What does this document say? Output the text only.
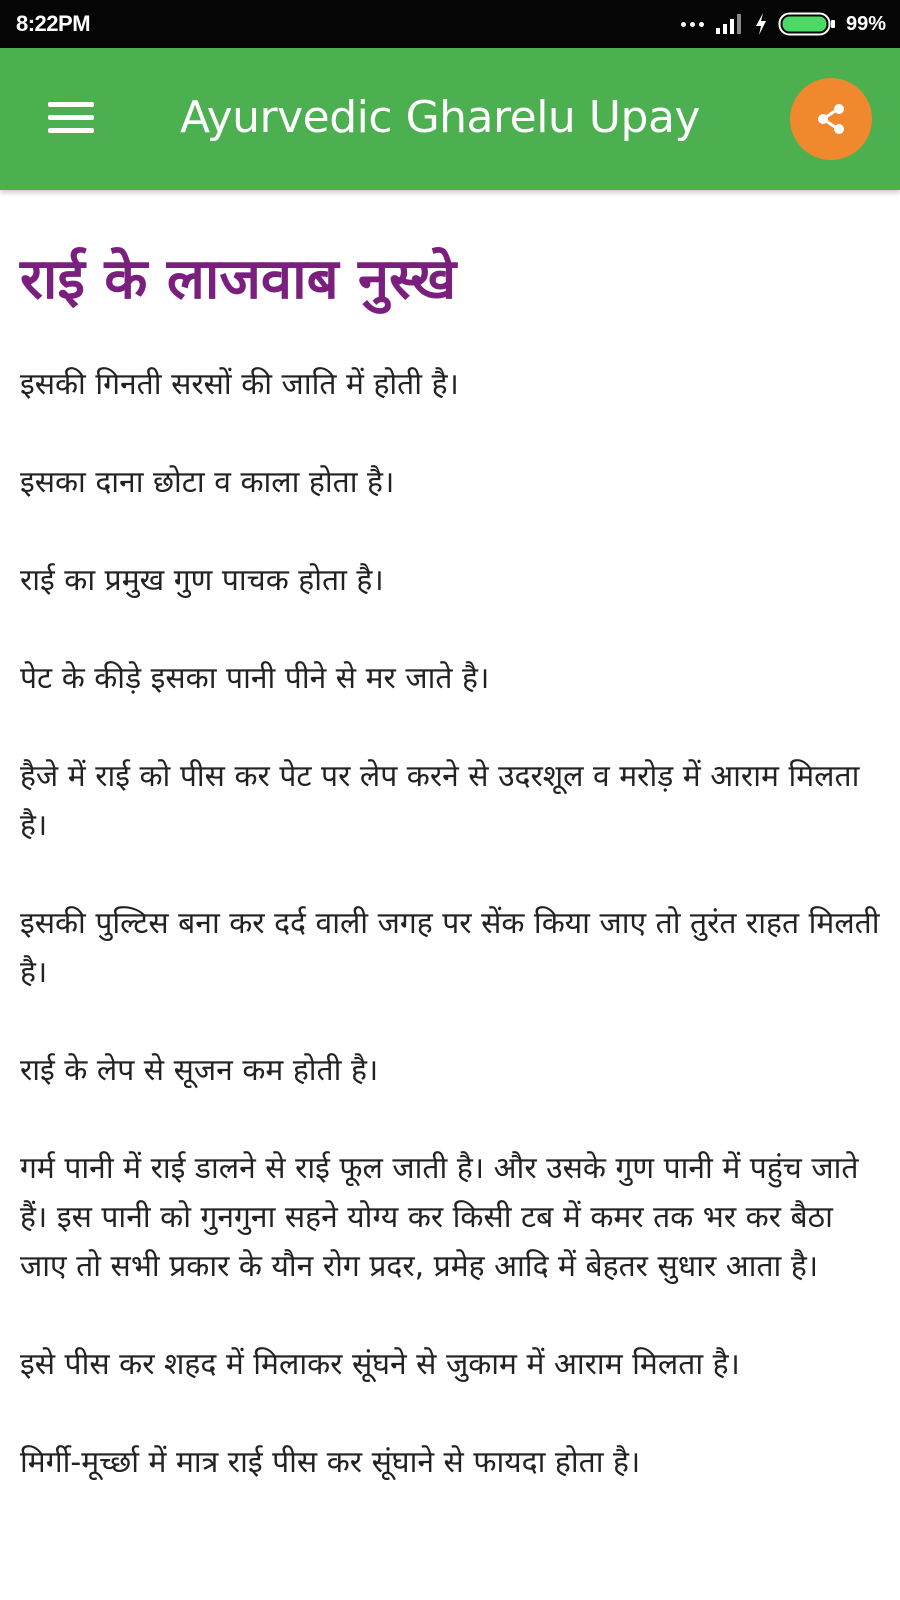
8:22PM	99%
Ayurvedic Gharelu Upay
राई के लाजवाब नुस्खे
इसकी गिनती सरसों की जाति में होती है।
इसका दाना छोटा व काला होता है।
राई का प्रमुख गुण पाचक होता है।
पेट के कीड़े इसका पानी पीने से मर जाते है।
हैजे में राई को पीस कर पेट पर लेप करने से उदरशूल व मरोड़ में आराम मिलता है।
इसकी पुल्टिस बना कर दर्द वाली जगह पर सेंक किया जाए तो तुरंत राहत मिलती है।
राई के लेप से सूजन कम होती है।
गर्म पानी में राई डालने से राई फूल जाती है। और उसके गुण पानी में पहुंच जाते हैं। इस पानी को गुनगुना सहने योग्य कर किसी टब में कमर तक भर कर बैठा जाए तो सभी प्रकार के यौन रोग प्रदर, प्रमेह आदि में बेहतर सुधार आता है।
इसे पीस कर शहद में मिलाकर सूंघने से जुकाम में आराम मिलता है।
मिर्गी-मूर्च्छा में मात्र राई पीस कर सूंघाने से फायदा होता है।
